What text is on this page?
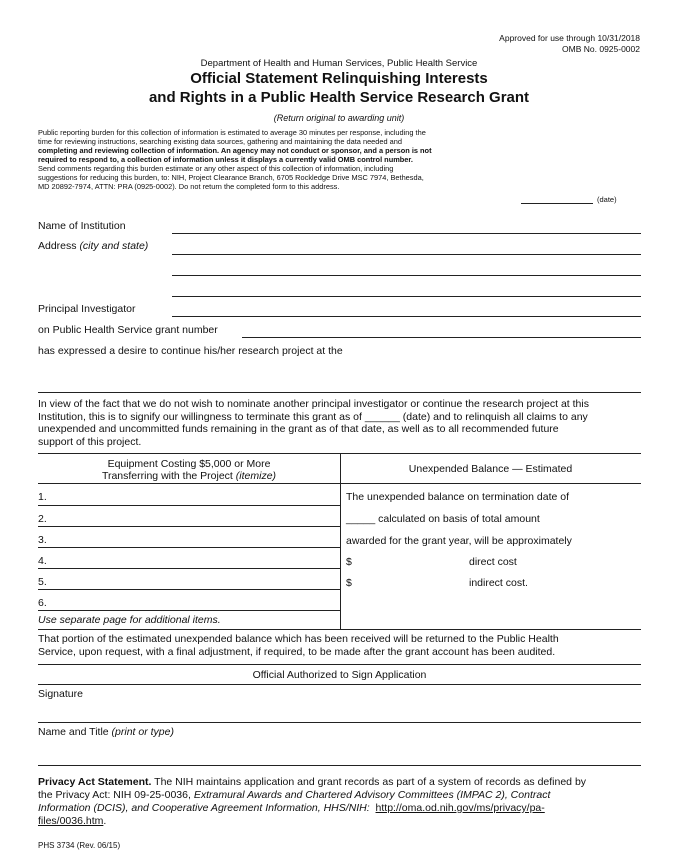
Approved for use through 10/31/2018
OMB No. 0925-0002
Department of Health and Human Services, Public Health Service
Official Statement Relinquishing Interests
and Rights in a Public Health Service Research Grant
(Return original to awarding unit)
Public reporting burden for this collection of information is estimated to average 30 minutes per response, including the
time for reviewing instructions, searching existing data sources, gathering and maintaining the data needed and
completing and reviewing collection of information. An agency may not conduct or sponsor, and a person is not
required to respond to, a collection of information unless it displays a currently valid OMB control number.
Send comments regarding this burden estimate or any other aspect of this collection of information, including
suggestions for reducing this burden, to: NIH, Project Clearance Branch, 6705 Rockledge Drive MSC 7974, Bethesda,
MD 20892-7974, ATTN: PRA (0925-0002). Do not return the completed form to this address.
(date)
Name of Institution
Address (city and state)
Principal Investigator
on Public Health Service grant number
has expressed a desire to continue his/her research project at the
In view of the fact that we do not wish to nominate another principal investigator or continue the research project at this
Institution, this is to signify our willingness to terminate this grant as of ______ (date) and to relinquish all claims to any
unexpended and uncommitted funds remaining in the grant as of that date, as well as to all recommended future
support of this project.
Equipment Costing $5,000 or More
Transferring with the Project (itemize)
Unexpended Balance — Estimated
1.
2.
3.
4.
5.
6.
Use separate page for additional items.
The unexpended balance on termination date of
_____ calculated on basis of total amount
awarded for the grant year, will be approximately
$	direct cost
$	indirect cost.
That portion of the estimated unexpended balance which has been received will be returned to the Public Health
Service, upon request, with a final adjustment, if required, to be made after the grant account has been audited.
Official Authorized to Sign Application
Signature
Name and Title (print or type)
Privacy Act Statement. The NIH maintains application and grant records as part of a system of records as defined by
the Privacy Act: NIH 09-25-0036, Extramural Awards and Chartered Advisory Committees (IMPAC 2), Contract
Information (DCIS), and Cooperative Agreement Information, HHS/NIH: http://oma.od.nih.gov/ms/privacy/pa-
files/0036.htm.
PHS 3734 (Rev. 06/15)
